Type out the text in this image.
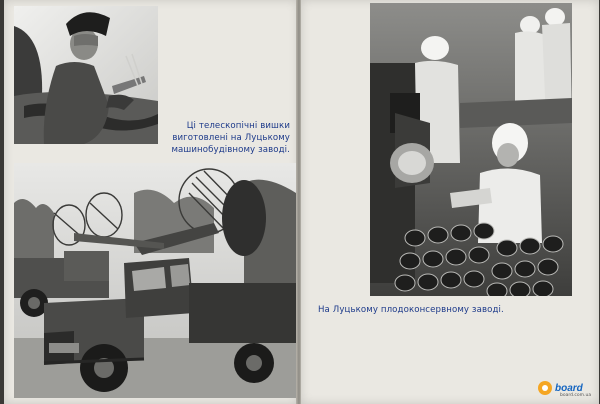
Ці телескопічні вишки виготовлені на Луцькому машинобудівному заводі.
На Луцькому плодоконсервному заводі.
board
board.com.ua
